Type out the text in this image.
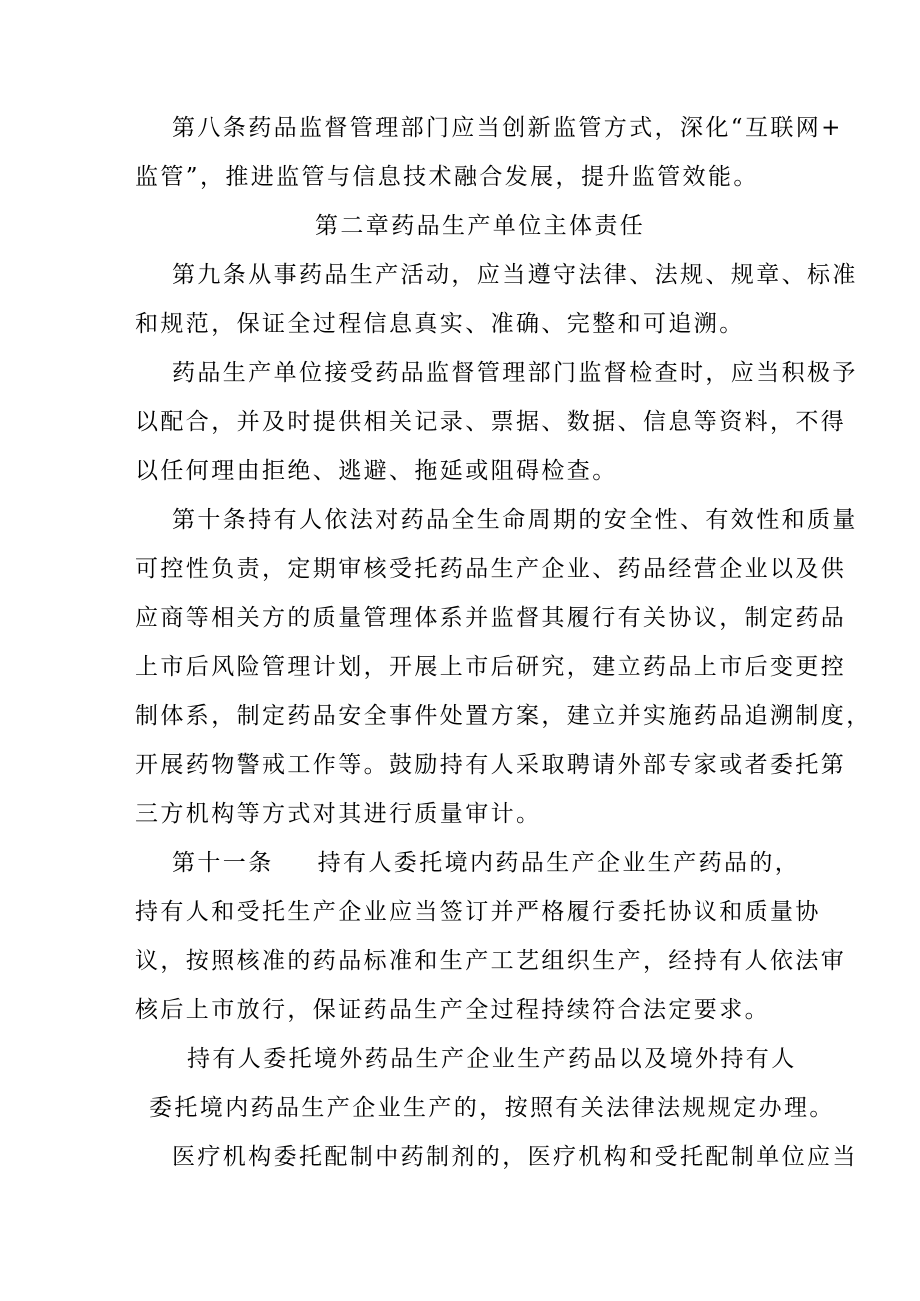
第八条药品监督管理部门应当创新监管方式，深化“互联网+
监管”，推进监管与信息技术融合发展，提升监管效能。
第二章药品生产单位主体责任
第九条从事药品生产活动，应当遵守法律、法规、规章、标准
和规范，保证全过程信息真实、准确、完整和可追溯。
药品生产单位接受药品监督管理部门监督检查时，应当积极予
以配合，并及时提供相关记录、票据、数据、信息等资料，不得
以任何理由拒绝、逃避、拖延或阻碍检查。
第十条持有人依法对药品全生命周期的安全性、有效性和质量
可控性负责，定期审核受托药品生产企业、药品经营企业以及供
应商等相关方的质量管理体系并监督其履行有关协议，制定药品
上市后风险管理计划，开展上市后研究，建立药品上市后变更控
制体系，制定药品安全事件处置方案，建立并实施药品追溯制度，
开展药物警戒工作等。鼓励持有人采取聘请外部专家或者委托第
三方机构等方式对其进行质量审计。
第十一条 持有人委托境内药品生产企业生产药品的，
持有人和受托生产企业应当签订并严格履行委托协议和质量协
议，按照核准的药品标准和生产工艺组织生产，经持有人依法审
核后上市放行，保证药品生产全过程持续符合法定要求。
持有人委托境外药品生产企业生产药品以及境外持有人
委托境内药品生产企业生产的，按照有关法律法规规定办理。
医疗机构委托配制中药制剂的，医疗机构和受托配制单位应当
